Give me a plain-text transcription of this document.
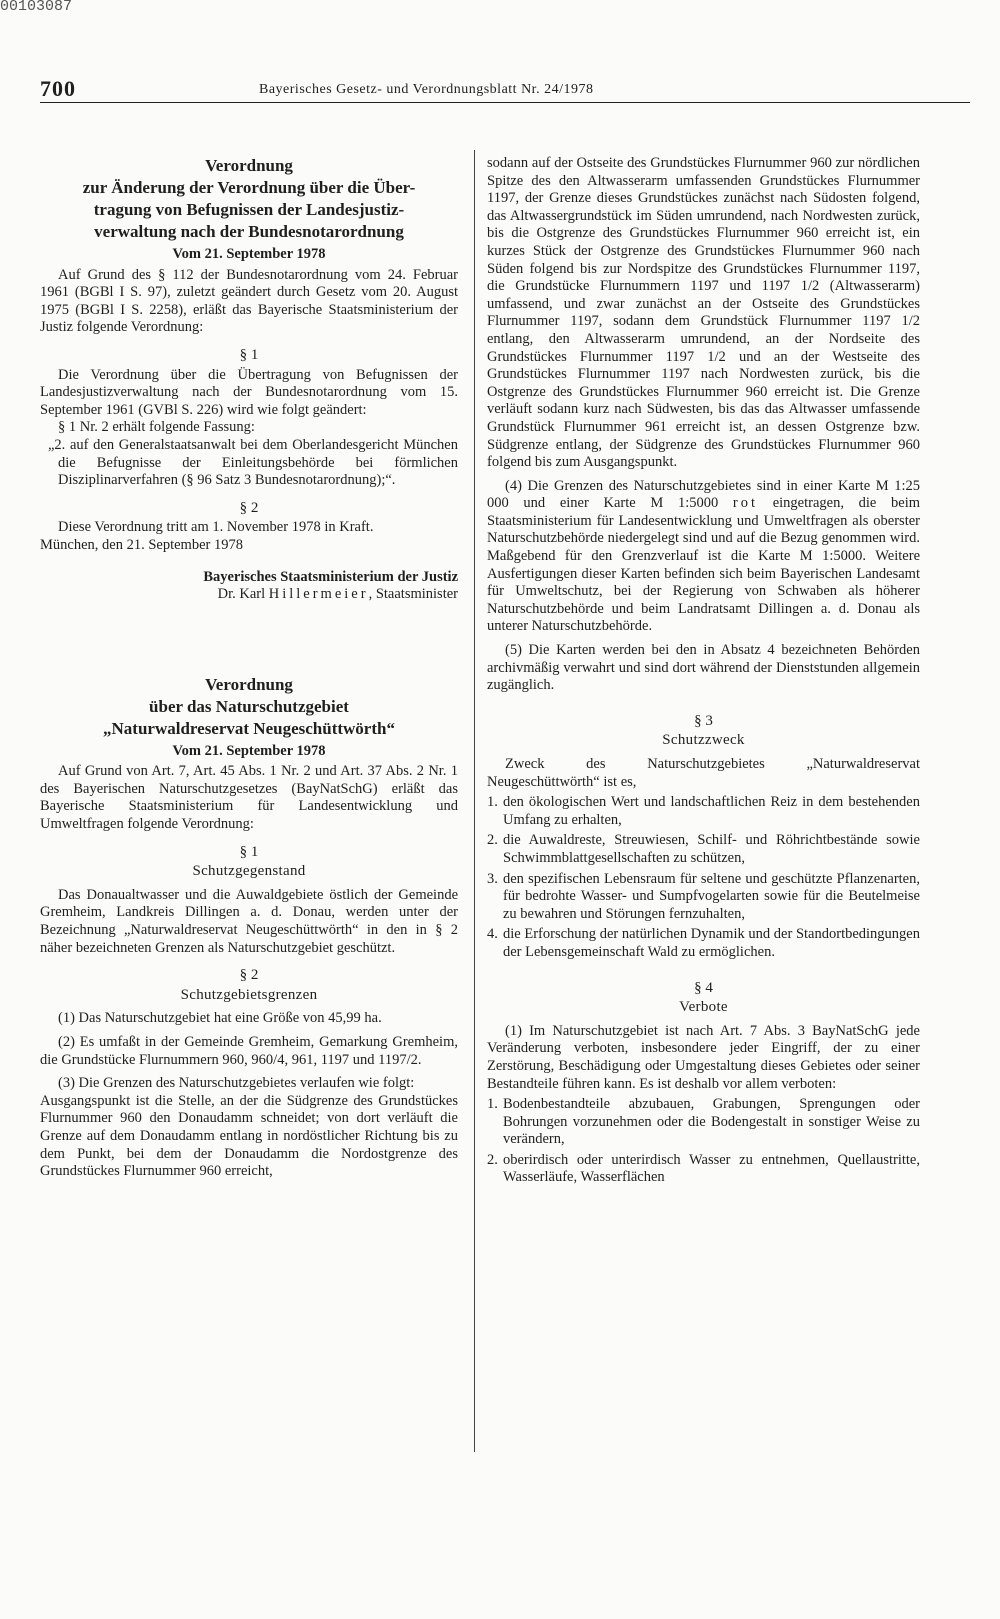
00103087
700	Bayerisches Gesetz- und Verordnungsblatt Nr. 24/1978
Verordnung
zur Änderung der Verordnung über die Über-
tragung von Befugnissen der Landesjustiz-
verwaltung nach der Bundesnotarordnung
Vom 21. September 1978

Auf Grund des § 112 der Bundesnotarordnung vom 24. Februar 1961 (BGBl I S. 97), zuletzt geändert durch Gesetz vom 20. August 1975 (BGBl I S. 2258), erläßt das Bayerische Staatsministerium der Justiz folgende Verordnung:

§ 1

Die Verordnung über die Übertragung von Befugnissen der Landesjustizverwaltung nach der Bundesnotarordnung vom 15. September 1961 (GVBl S. 226) wird wie folgt geändert:

§ 1 Nr. 2 erhält folgende Fassung:

„2. auf den Generalstaatsanwalt bei dem Oberlandesgericht München die Befugnisse der Einleitungsbehörde bei förmlichen Disziplinarverfahren (§ 96 Satz 3 Bundesnotarordnung);“.

§ 2

Diese Verordnung tritt am 1. November 1978 in Kraft.

München, den 21. September 1978

Bayerisches Staatsministerium der Justiz
Dr. Karl Hillermeier, Staatsminister
Verordnung
über das Naturschutzgebiet
„Naturwaldreservat Neugeschüttwörth“
Vom 21. September 1978

Auf Grund von Art. 7, Art. 45 Abs. 1 Nr. 2 und Art. 37 Abs. 2 Nr. 1 des Bayerischen Naturschutzgesetzes (BayNatSchG) erläßt das Bayerische Staatsministerium für Landesentwicklung und Umweltfragen folgende Verordnung:

§ 1
Schutzgegenstand

Das Donaualtwasser und die Auwaldgebiete östlich der Gemeinde Gremheim, Landkreis Dillingen a. d. Donau, werden unter der Bezeichnung „Naturwaldreservat Neugeschüttwörth“ in den in § 2 näher bezeichneten Grenzen als Naturschutzgebiet geschützt.

§ 2
Schutzgebietsgrenzen

(1) Das Naturschutzgebiet hat eine Größe von 45,99 ha.

(2) Es umfaßt in der Gemeinde Gremheim, Gemarkung Gremheim, die Grundstücke Flurnummern 960, 960/4, 961, 1197 und 1197/2.

(3) Die Grenzen des Naturschutzgebietes verlaufen wie folgt:

Ausgangspunkt ist die Stelle, an der die Südgrenze des Grundstückes Flurnummer 960 den Donaudamm schneidet; von dort verläuft die Grenze auf dem Donaudamm entlang in nordöstlicher Richtung bis zu dem Punkt, bei dem der Donaudamm die Nordostgrenze des Grundstückes Flurnummer 960 erreicht,

sodann auf der Ostseite des Grundstückes Flurnummer 960 zur nördlichen Spitze des den Altwasserarm umfassenden Grundstückes Flurnummer 1197, der Grenze dieses Grundstückes zunächst nach Südosten folgend, das Altwassergrundstück im Süden umrundend, nach Nordwesten zurück, bis die Ostgrenze des Grundstückes Flurnummer 960 erreicht ist, ein kurzes Stück der Ostgrenze des Grundstückes Flurnummer 960 nach Süden folgend bis zur Nordspitze des Grundstückes Flurnummer 1197, die Grundstücke Flurnummern 1197 und 1197 1/2 (Altwasserarm) umfassend, und zwar zunächst an der Ostseite des Grundstückes Flurnummer 1197, sodann dem Grundstück Flurnummer 1197 1/2 entlang, den Altwasserarm umrundend, an der Nordseite des Grundstückes Flurnummer 1197 1/2 und an der Westseite des Grundstückes Flurnummer 1197 nach Nordwesten zurück, bis die Ostgrenze des Grundstückes Flurnummer 960 erreicht ist. Die Grenze verläuft sodann kurz nach Südwesten, bis das das Altwasser umfassende Grundstück Flurnummer 961 erreicht ist, an dessen Ostgrenze bzw. Südgrenze entlang, der Südgrenze des Grundstückes Flurnummer 960 folgend bis zum Ausgangspunkt.

(4) Die Grenzen des Naturschutzgebietes sind in einer Karte M 1:25 000 und einer Karte M 1:5000 rot eingetragen, die beim Staatsministerium für Landesentwicklung und Umweltfragen als oberster Naturschutzbehörde niedergelegt sind und auf die Bezug genommen wird. Maßgebend für den Grenzverlauf ist die Karte M 1:5000. Weitere Ausfertigungen dieser Karten befinden sich beim Bayerischen Landesamt für Umweltschutz, bei der Regierung von Schwaben als höherer Naturschutzbehörde und beim Landratsamt Dillingen a. d. Donau als unterer Naturschutzbehörde.

(5) Die Karten werden bei den in Absatz 4 bezeichneten Behörden archivmäßig verwahrt und sind dort während der Dienststunden allgemein zugänglich.

§ 3
Schutzzweck

Zweck des Naturschutzgebietes „Naturwaldreservat Neugeschüttwörth“ ist es,

1. den ökologischen Wert und landschaftlichen Reiz in dem bestehenden Umfang zu erhalten,
2. die Auwaldreste, Streuwiesen, Schilf- und Röhrichtbestände sowie Schwimmblattgesellschaften zu schützen,
3. den spezifischen Lebensraum für seltene und geschützte Pflanzenarten, für bedrohte Wasser- und Sumpfvogelarten sowie für die Beutelmeise zu bewahren und Störungen fernzuhalten,
4. die Erforschung der natürlichen Dynamik und der Standortbedingungen der Lebensgemeinschaft Wald zu ermöglichen.
§ 4
Verbote

(1) Im Naturschutzgebiet ist nach Art. 7 Abs. 3 BayNatSchG jede Veränderung verboten, insbesondere jeder Eingriff, der zu einer Zerstörung, Beschädigung oder Umgestaltung dieses Gebietes oder seiner Bestandteile führen kann. Es ist deshalb vor allem verboten:

1. Bodenbestandteile abzubauen, Grabungen, Sprengungen oder Bohrungen vorzunehmen oder die Bodengestalt in sonstiger Weise zu verändern,
2. oberirdisch oder unterirdisch Wasser zu entnehmen, Quellaustritte, Wasserläufe, Wasserflächen
